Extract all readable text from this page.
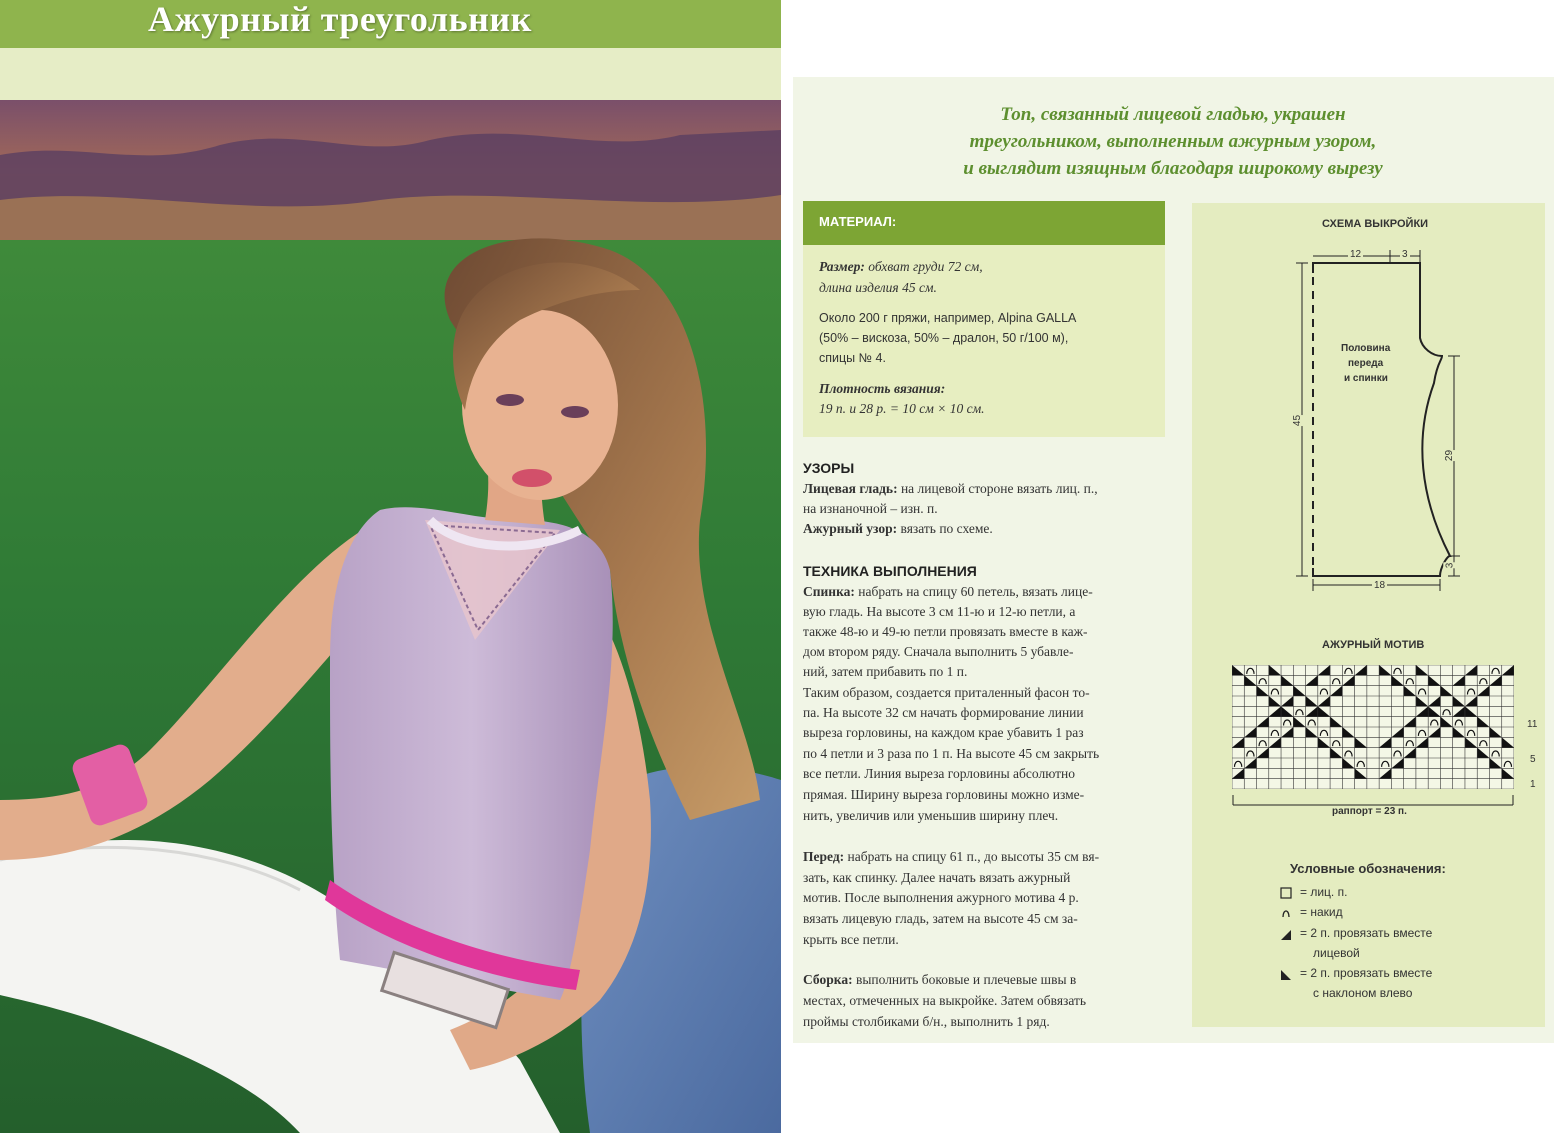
Ажурный треугольник
Топ, связанный лицевой гладью, украшен
треугольником, выполненным ажурным узором,
и выглядит изящным благодаря широкому вырезу
МАТЕРИАЛ:
Размер: обхват груди 72 см,
длина изделия 45 см.
Около 200 г пряжи, например, Alpina GALLA
(50% – вискоза, 50% – дралон, 50 г/100 м),
спицы № 4.
Плотность вязания:
19 п. и 28 р. = 10 см × 10 см.
УЗОРЫ
Лицевая гладь: на лицевой стороне вязать лиц. п.,
на изнаночной – изн. п.
Ажурный узор: вязать по схеме.
ТЕХНИКА ВЫПОЛНЕНИЯ
Спинка: набрать на спицу 60 петель, вязать лице-
вую гладь. На высоте 3 см 11-ю и 12-ю петли, а
также 48-ю и 49-ю петли провязать вместе в каж-
дом втором ряду. Сначала выполнить 5 убавле-
ний, затем прибавить по 1 п.
Таким образом, создается приталенный фасон то-
па. На высоте 32 см начать формирование линии
выреза горловины, на каждом крае убавить 1 раз
по 4 петли и 3 раза по 1 п. На высоте 45 см закрыть
все петли. Линия выреза горловины абсолютно
прямая. Ширину выреза горловины можно изме-
нить, увеличив или уменьшив ширину плеч.
Перед: набрать на спицу 61 п., до высоты 35 см вя-
зать, как спинку. Далее начать вязать ажурный
мотив. После выполнения ажурного мотива 4 р.
вязать лицевую гладь, затем на высоте 45 см за-
крыть все петли.
Сборка: выполнить боковые и плечевые швы в
местах, отмеченных на выкройке. Затем обвязать
проймы столбиками б/н., выполнить 1 ряд.
СХЕМА ВЫКРОЙКИ
12	3
45
29
3
18
Половина
переда
и спинки
АЖУРНЫЙ МОТИВ
11
5
1
раппорт = 23 п.
Условные обозначения:
= лиц. п.
= накид
= 2 п. провязать вместе
лицевой
= 2 п. провязать вместе
с наклоном влево
